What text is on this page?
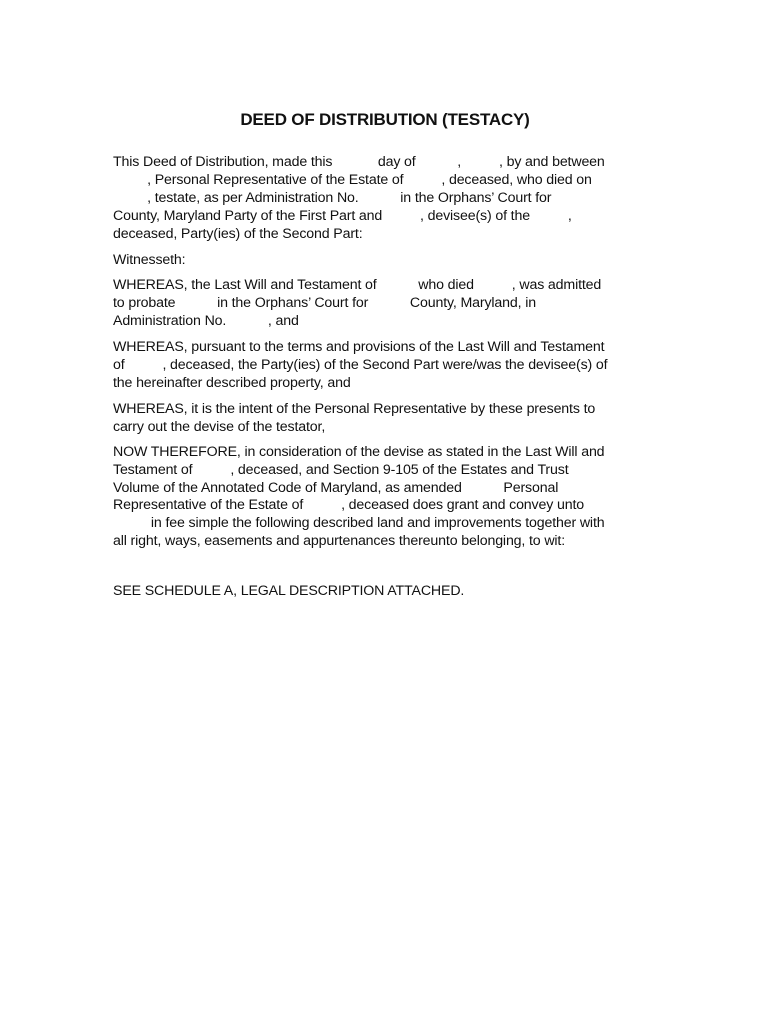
DEED OF DISTRIBUTION (TESTACY)
This Deed of Distribution, made this            day of           ,          , by and between
, Personal Representative of the Estate of          , deceased, who died on
, testate, as per Administration No.           in the Orphans’ Court for
County, Maryland Party of the First Part and          , devisee(s) of the          ,
deceased, Party(ies) of the Second Part:
Witnesseth:
WHEREAS, the Last Will and Testament of           who died          , was admitted
to probate           in the Orphans’ Court for           County, Maryland, in
Administration No.           , and
WHEREAS, pursuant to the terms and provisions of the Last Will and Testament
of          , deceased, the Party(ies) of the Second Part were/was the devisee(s) of
the hereinafter described property, and
WHEREAS, it is the intent of the Personal Representative by these presents to
carry out the devise of the testator,
NOW THEREFORE, in consideration of the devise as stated in the Last Will and
Testament of          , deceased, and Section 9-105 of the Estates and Trust
Volume of the Annotated Code of Maryland, as amended           Personal
Representative of the Estate of          , deceased does grant and convey unto
in fee simple the following described land and improvements together with
all right, ways, easements and appurtenances thereunto belonging, to wit:
SEE SCHEDULE A, LEGAL DESCRIPTION ATTACHED.
